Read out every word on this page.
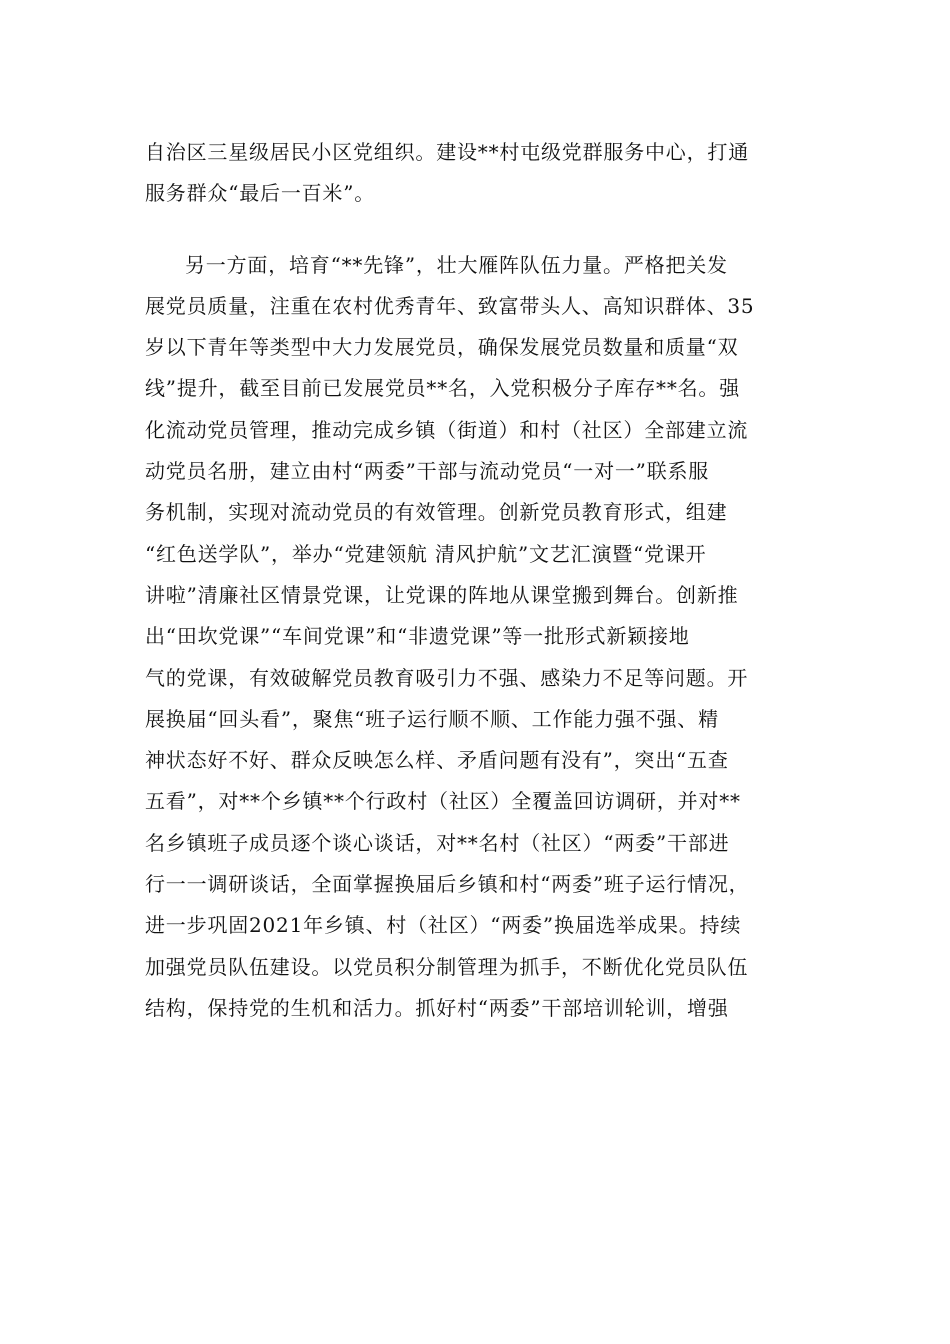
自治区三星级居民小区党组织。建设**村屯级党群服务中心，打通
服务群众“最后一百米”。
另一方面，培育“**先锋”，壮大雁阵队伍力量。严格把关发
展党员质量，注重在农村优秀青年、致富带头人、高知识群体、35
岁以下青年等类型中大力发展党员，确保发展党员数量和质量“双
线”提升，截至目前已发展党员**名，入党积极分子库存**名。强
化流动党员管理，推动完成乡镇（街道）和村（社区）全部建立流
动党员名册，建立由村“两委”干部与流动党员“一对一”联系服
务机制，实现对流动党员的有效管理。创新党员教育形式，组建
“红色送学队”，举办“党建领航 清风护航”文艺汇演暨“党课开
讲啦”清廉社区情景党课，让党课的阵地从课堂搬到舞台。创新推
出“田坎党课”“车间党课”和“非遗党课”等一批形式新颖接地
气的党课，有效破解党员教育吸引力不强、感染力不足等问题。开
展换届“回头看”，聚焦“班子运行顺不顺、工作能力强不强、精
神状态好不好、群众反映怎么样、矛盾问题有没有”，突出“五查
五看”，对**个乡镇**个行政村（社区）全覆盖回访调研，并对**
名乡镇班子成员逐个谈心谈话，对**名村（社区）“两委”干部进
行一一调研谈话，全面掌握换届后乡镇和村“两委”班子运行情况，
进一步巩固2021年乡镇、村（社区）“两委”换届选举成果。持续
加强党员队伍建设。以党员积分制管理为抓手，不断优化党员队伍
结构，保持党的生机和活力。抓好村“两委”干部培训轮训，增强
